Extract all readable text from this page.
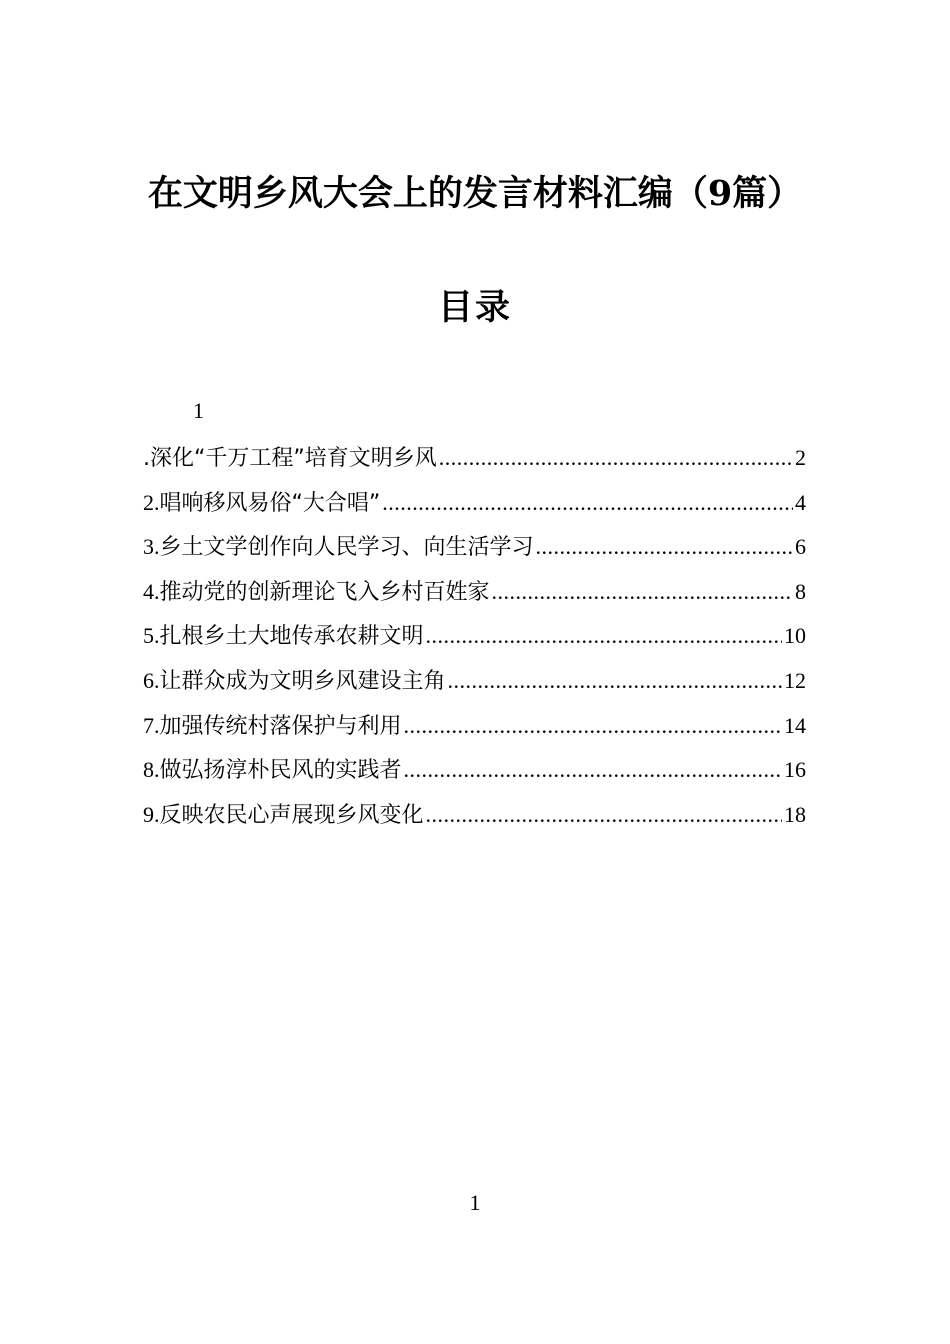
在文明乡风大会上的发言材料汇编（9篇）
目录
1
.深化“千万工程”培育文明乡风 .....	2
2. 唱响移风易俗“大合唱” .....	4
3. 乡土文学创作向人民学习、向生活学习 .....	6
4. 推动党的创新理论飞入乡村百姓家 .....	8
5. 扎根乡土大地传承农耕文明 .....	10
6. 让群众成为文明乡风建设主角 .....	12
7. 加强传统村落保护与利用 .....	14
8. 做弘扬淳朴民风的实践者 .....	16
9. 反映农民心声展现乡风变化 .....	18
1
